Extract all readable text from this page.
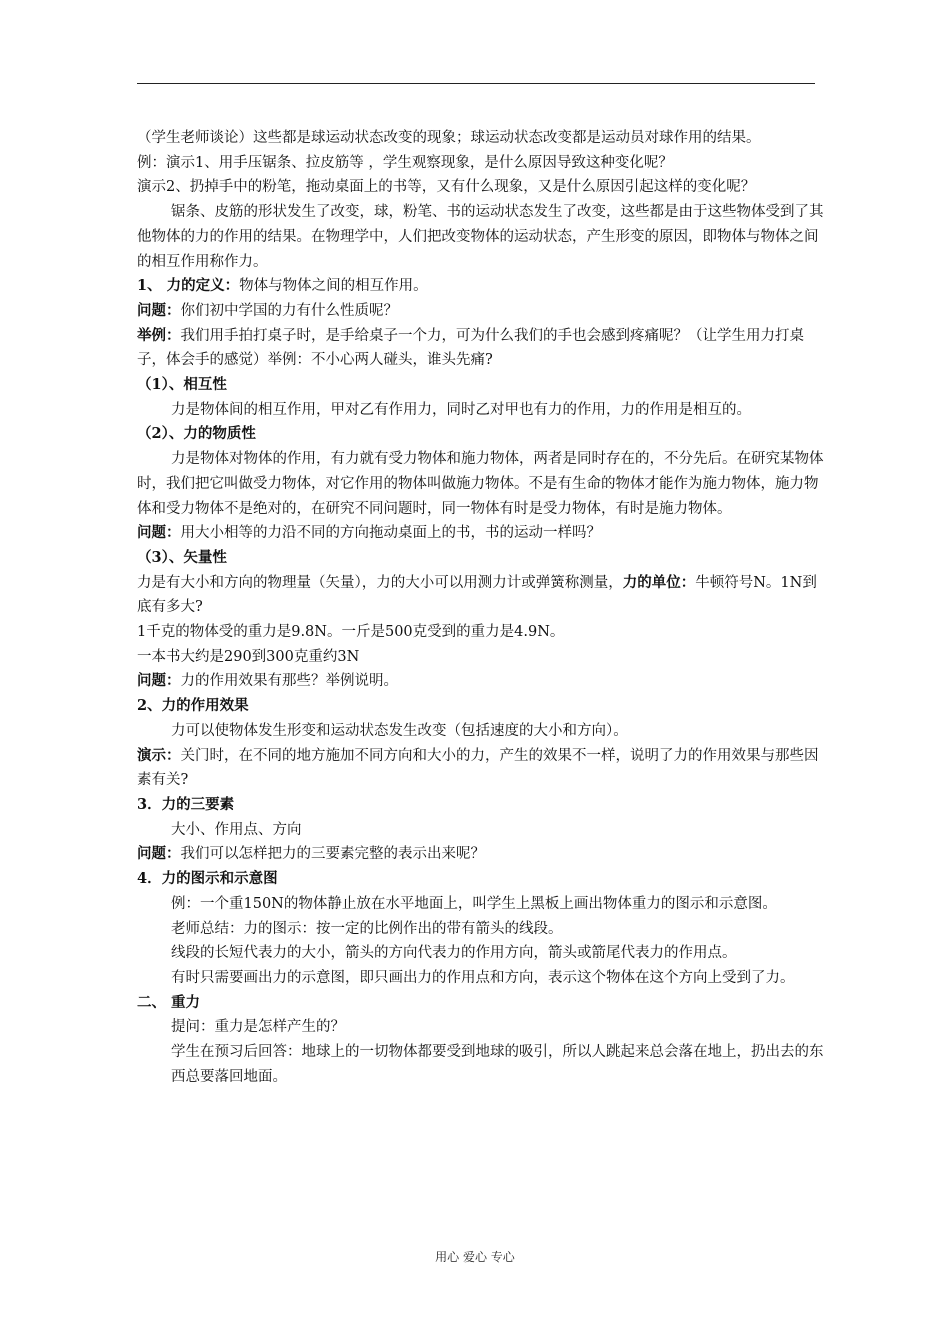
（学生老师谈论）这些都是球运动状态改变的现象；球运动状态改变都是运动员对球作用的结果。

例：演示1、用手压锯条、拉皮筋等 ，学生观察现象，是什么原因导致这种变化呢？

演示2、扔掉手中的粉笔，拖动桌面上的书等，又有什么现象，又是什么原因引起这样的变化呢？

锯条、皮筋的形状发生了改变，球，粉笔、书的运动状态发生了改变，这些都是由于这些物体受到了其他物体的力的作用的结果。在物理学中，人们把改变物体的运动状态，产生形变的原因，即物体与物体之间的相互作用称作力。

1、 力的定义：物体与物体之间的相互作用。

问题：你们初中学国的力有什么性质呢？

举例：我们用手拍打桌子时，是手给桌子一个力，可为什么我们的手也会感到疼痛呢？（让学生用力打桌子，体会手的感觉）举例：不小心两人碰头，谁头先痛?

（1）、相互性

力是物体间的相互作用，甲对乙有作用力，同时乙对甲也有力的作用，力的作用是相互的。

（2）、力的物质性

力是物体对物体的作用，有力就有受力物体和施力物体，两者是同时存在的，不分先后。在研究某物体时，我们把它叫做受力物体，对它作用的物体叫做施力物体。不是有生命的物体才能作为施力物体，施力物体和受力物体不是绝对的，在研究不同问题时，同一物体有时是受力物体，有时是施力物体。

问题：用大小相等的力沿不同的方向拖动桌面上的书，书的运动一样吗？

（3）、矢量性

力是有大小和方向的物理量（矢量），力的大小可以用测力计或弹簧称测量，力的单位：牛顿符号N。1N到底有多大?

1千克的物体受的重力是9.8N。一斤是500克受到的重力是4.9N。

一本书大约是290到300克重约3N

问题：力的作用效果有那些？举例说明。

2、力的作用效果

力可以使物体发生形变和运动状态发生改变（包括速度的大小和方向）。

演示：关门时，在不同的地方施加不同方向和大小的力，产生的效果不一样，说明了力的作用效果与那些因素有关?

3．力的三要素

大小、作用点、方向

问题：我们可以怎样把力的三要素完整的表示出来呢？

4．力的图示和示意图

例：一个重150N的物体静止放在水平地面上，叫学生上黑板上画出物体重力的图示和示意图。

老师总结：力的图示：按一定的比例作出的带有箭头的线段。

线段的长短代表力的大小，箭头的方向代表力的作用方向，箭头或箭尾代表力的作用点。

有时只需要画出力的示意图，即只画出力的作用点和方向，表示这个物体在这个方向上受到了力。

二、 重力

提问：重力是怎样产生的？

学生在预习后回答：地球上的一切物体都要受到地球的吸引，所以人跳起来总会落在地上，扔出去的东西总要落回地面。

用心 爱心 专心
